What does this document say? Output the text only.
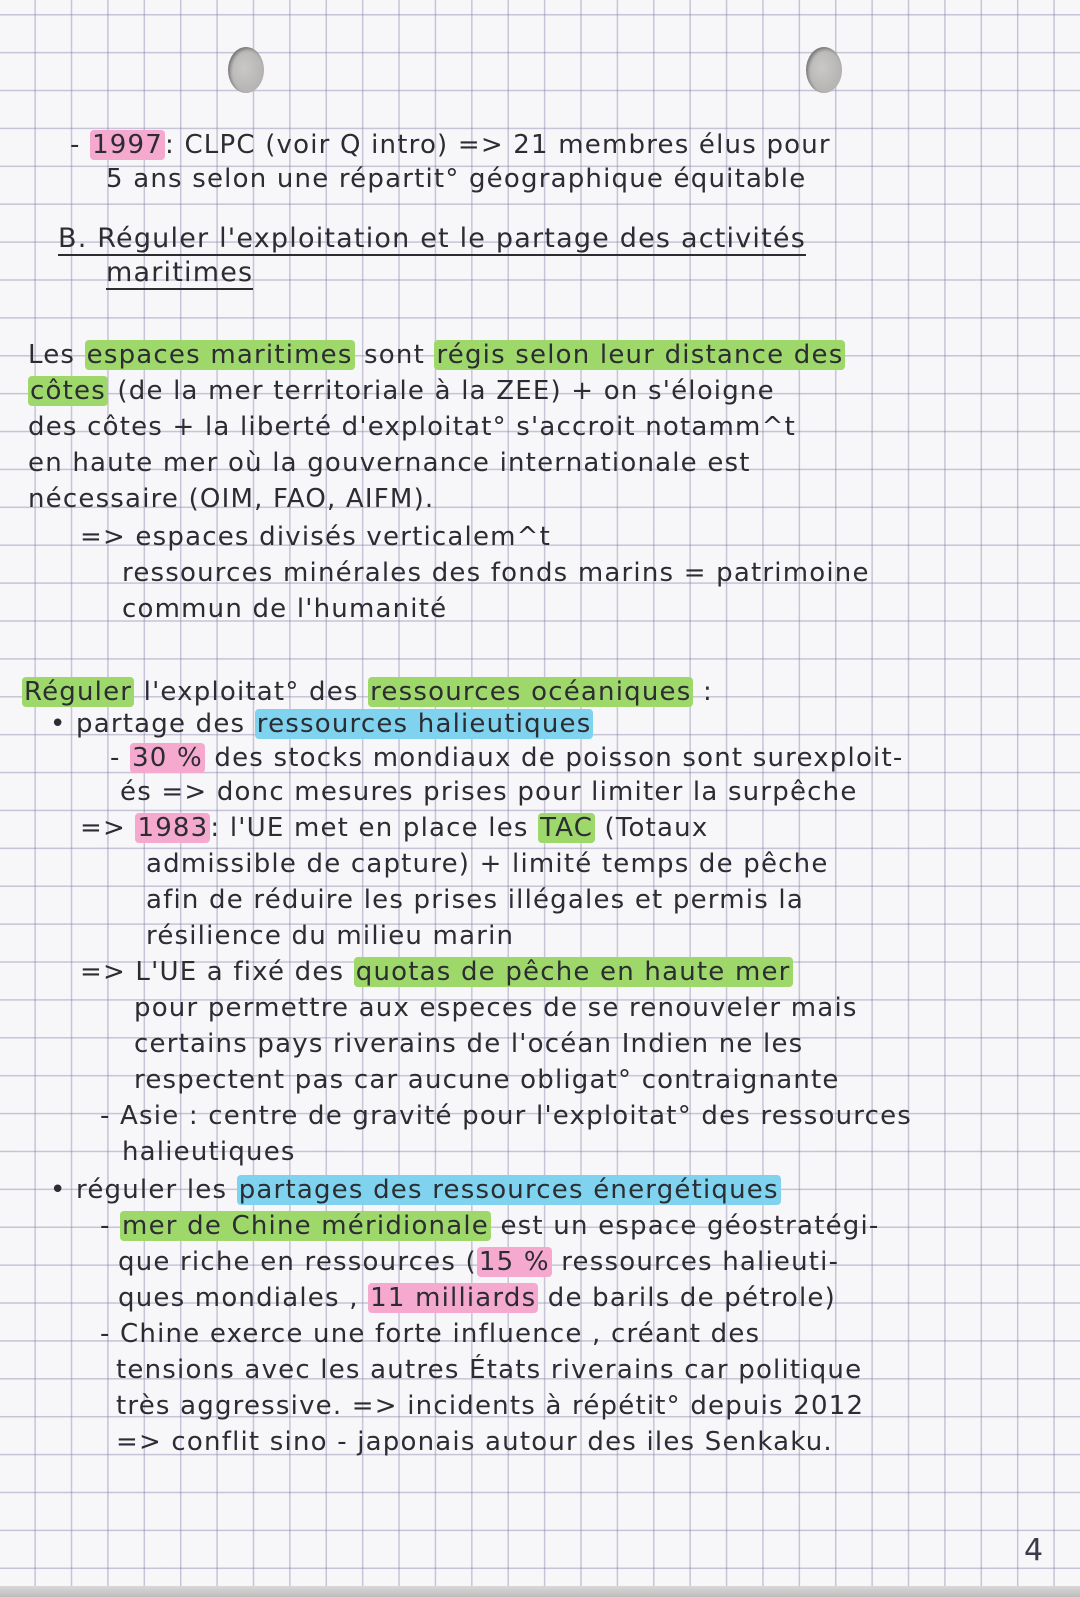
- 1997: CLPC (voir Q intro) => 21 membres élus pour
5 ans selon une répartit° géographique équitable
B. Réguler l'exploitation et le partage des activités
maritimes
Les espaces maritimes sont régis selon leur distance des
côtes (de la mer territoriale à la ZEE) + on s'éloigne
des côtes + la liberté d'exploitat° s'accroit notamm^t
en haute mer où la gouvernance internationale est
nécessaire (OIM, FAO, AIFM).
=> espaces divisés verticalem^t
ressources minérales des fonds marins = patrimoine
commun de l'humanité
Réguler l'exploitat° des ressources océaniques :
• partage des ressources halieutiques
- 30 % des stocks mondiaux de poisson sont surexploit-
és => donc mesures prises pour limiter la surpêche
=> 1983: l'UE met en place les TAC (Totaux
admissible de capture) + limité temps de pêche
afin de réduire les prises illégales et permis la
résilience du milieu marin
=> L'UE a fixé des quotas de pêche en haute mer
pour permettre aux especes de se renouveler mais
certains pays riverains de l'océan Indien ne les
respectent pas car aucune obligat° contraignante
- Asie : centre de gravité pour l'exploitat° des ressources
halieutiques
• réguler les partages des ressources énergétiques
- mer de Chine méridionale est un espace géostratégi-
que riche en ressources (15 % ressources halieuti-
ques mondiales , 11 milliards de barils de pétrole)
- Chine exerce une forte influence , créant des
tensions avec les autres États riverains car politique
très aggressive. => incidents à répétit° depuis 2012
=> conflit sino - japonais autour des iles Senkaku.
4
